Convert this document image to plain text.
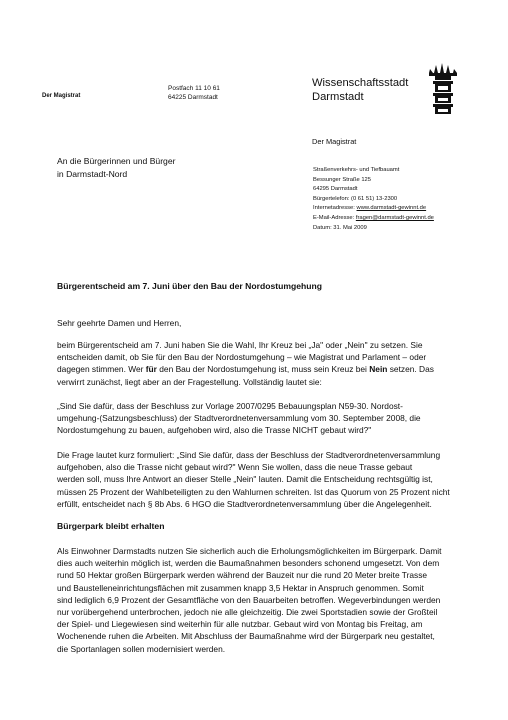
Der Magistrat
Postfach 11 10 61
64225 Darmstadt
Wissenschaftsstadt
Darmstadt
Der Magistrat
An die Bürgerinnen und Bürger
in Darmstadt-Nord	Straßenverkehrs- und Tiefbauamt
Bessunger Straße 125
64295 Darmstadt
Bürgertelefon: (0 61 51) 13-2300
Internetadresse: www.darmstadt-gewinnt.de
E-Mail-Adresse: fragen@darmstadt-gewinnt.de
Datum: 31. Mai 2009
Bürgerentscheid am 7. Juni über den Bau der Nordostumgehung
Sehr geehrte Damen und Herren,
beim Bürgerentscheid am 7. Juni haben Sie die Wahl, Ihr Kreuz bei „Ja" oder „Nein" zu setzen. Sie
entscheiden damit, ob Sie für den Bau der Nordostumgehung – wie Magistrat und Parlament – oder
dagegen stimmen. Wer für den Bau der Nordostumgehung ist, muss sein Kreuz bei Nein setzen. Das
verwirrt zunächst, liegt aber an der Fragestellung. Vollständig lautet sie:
„Sind Sie dafür, dass der Beschluss zur Vorlage 2007/0295 Bebauungsplan N59-30. Nordost-
umgehung-(Satzungsbeschluss) der Stadtverordnetenversammlung vom 30. September 2008, die
Nordostumgehung zu bauen, aufgehoben wird, also die Trasse NICHT gebaut wird?"
Die Frage lautet kurz formuliert: „Sind Sie dafür, dass der Beschluss der Stadtverordnetenversammlung
aufgehoben, also die Trasse nicht gebaut wird?" Wenn Sie wollen, dass die neue Trasse gebaut
werden soll, muss Ihre Antwort an dieser Stelle „Nein" lauten. Damit die Entscheidung rechtsgültig ist,
müssen 25 Prozent der Wahlbeteiligten zu den Wahlurnen schreiten. Ist das Quorum von 25 Prozent nicht
erfüllt, entscheidet nach § 8b Abs. 6 HGO die Stadtverordnetenversammlung über die Angelegenheit.
Bürgerpark bleibt erhalten
Als Einwohner Darmstadts nutzen Sie sicherlich auch die Erholungsmöglichkeiten im Bürgerpark. Damit
dies auch weiterhin möglich ist, werden die Baumaßnahmen besonders schonend umgesetzt. Von dem
rund 50 Hektar großen Bürgerpark werden während der Bauzeit nur die rund 20 Meter breite Trasse
und Baustelleneinrichtungsflächen mit zusammen knapp 3,5 Hektar in Anspruch genommen. Somit
sind lediglich 6,9 Prozent der Gesamtfläche von den Bauarbeiten betroffen. Wegeverbindungen werden
nur vorübergehend unterbrochen, jedoch nie alle gleichzeitig. Die zwei Sportstadien sowie der Großteil
der Spiel- und Liegewiesen sind weiterhin für alle nutzbar. Gebaut wird von Montag bis Freitag, am
Wochenende ruhen die Arbeiten. Mit Abschluss der Baumaßnahme wird der Bürgerpark neu gestaltet,
die Sportanlagen sollen modernisiert werden.
